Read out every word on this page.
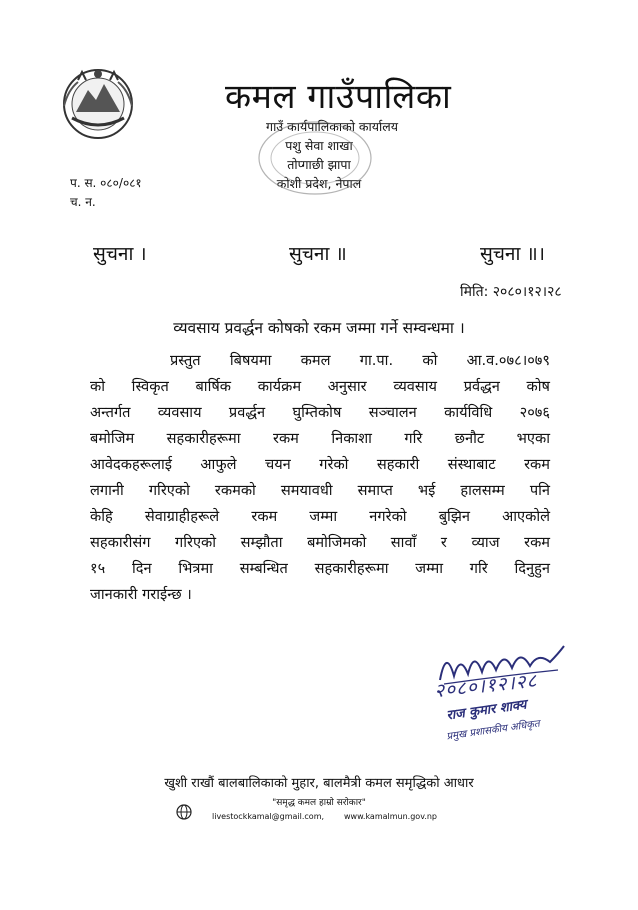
कमल गाउँपालिका
गाउँ कार्यपालिकाको कार्यालय
पशु सेवा शाखा
तोप्गाछी झापा
कोशी प्रदेश, नेपाल
प. स. ०८०/०८१
च. न.
सुचना ।	सुचना ॥	सुचना ॥।
मिति: २०८०।१२।२८
व्यवसाय प्रवर्द्धन कोषको रकम जम्मा गर्ने सम्वन्धमा ।
प्रस्तुत बिषयमा कमल गा.पा. को आ.व.०७८।०७९
को स्विकृत बार्षिक कार्यक्रम अनुसार व्यवसाय प्रर्वद्धन कोष
अन्तर्गत व्यवसाय प्रवर्द्धन घुम्तिकोष सञ्चालन कार्यविधि २०७६
बमोजिम सहकारीहरूमा रकम निकाशा गरि छनौट भएका
आवेदकहरूलाई आफुले चयन गरेको सहकारी संस्थाबाट रकम
लगानी गरिएको रकमको समयावधी समाप्त भई हालसम्म पनि
केहि सेवाग्राहीहरूले रकम जम्मा नगरेको बुझिन आएकोले
सहकारीसंग गरिएको सम्झौता बमोजिमको सावाँ र व्याज रकम
१५ दिन भित्रमा सम्बन्धित सहकारीहरूमा जम्मा गरि दिनुहुन
जानकारी गराईन्छ ।
२०८०।१२।२८
राज कुमार शाक्य
प्रमुख प्रशासकीय अधिकृत
खुशी राखौं बालबालिकाको मुहार, बालमैत्री कमल समृद्धिको आधार
"समृद्ध कमल हाम्रो सरोकार"
livestockkamal@gmail.com, www.kamalmun.gov.np
